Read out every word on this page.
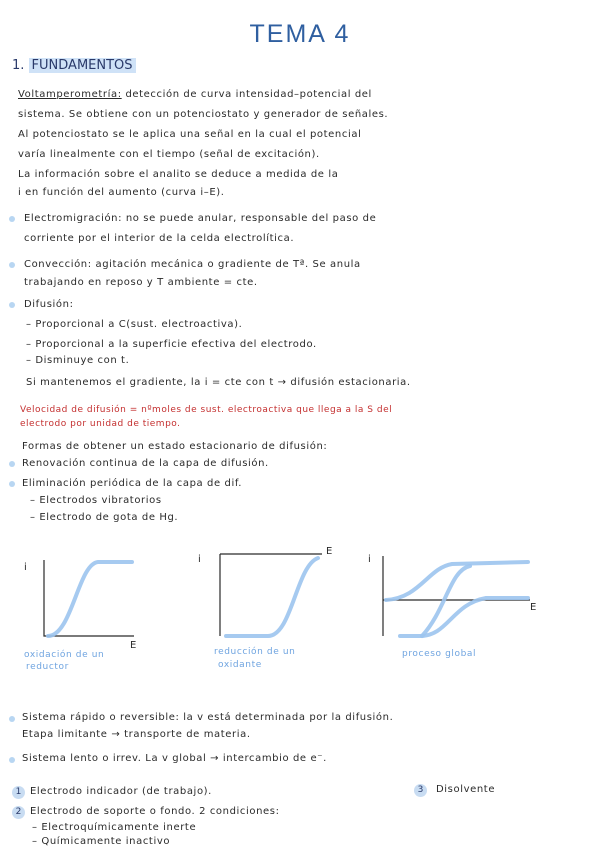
TEMA 4
1. FUNDAMENTOS
Voltamperometría: detección de curva intensidad–potencial del
sistema. Se obtiene con un potenciostato y generador de señales.
Al potenciostato se le aplica una señal en la cual el potencial
varía linealmente con el tiempo (señal de excitación).
La información sobre el analito se deduce a medida de la
i en función del aumento (curva i–E).
Electromigración: no se puede anular, responsable del paso de
corriente por el interior de la celda electrolítica.
Convección: agitación mecánica o gradiente de Tª. Se anula
trabajando en reposo y T ambiente = cte.
Difusión:
– Proporcional a C(sust. electroactiva).
– Proporcional a la superficie efectiva del electrodo.
– Disminuye con t.
Si mantenemos el gradiente, la i = cte con t → difusión estacionaria.
Velocidad de difusión = nºmoles de sust. electroactiva que llega a la S del
electrodo por unidad de tiempo.
Formas de obtener un estado estacionario de difusión:
Renovación continua de la capa de difusión.
Eliminación periódica de la capa de dif.
– Electrodos vibratorios
– Electrodo de gota de Hg.
i
E
i
E
i
E
oxidación de un
reductor
reducción de un
oxidante
proceso global
Sistema rápido o reversible: la v está determinada por la difusión.
Etapa limitante → transporte de materia.
Sistema lento o irrev. La v global → intercambio de e⁻.
1 Electrodo indicador (de trabajo).	3	Disolvente
2 Electrodo de soporte o fondo. 2 condiciones:
– Electroquímicamente inerte
– Químicamente inactivo
